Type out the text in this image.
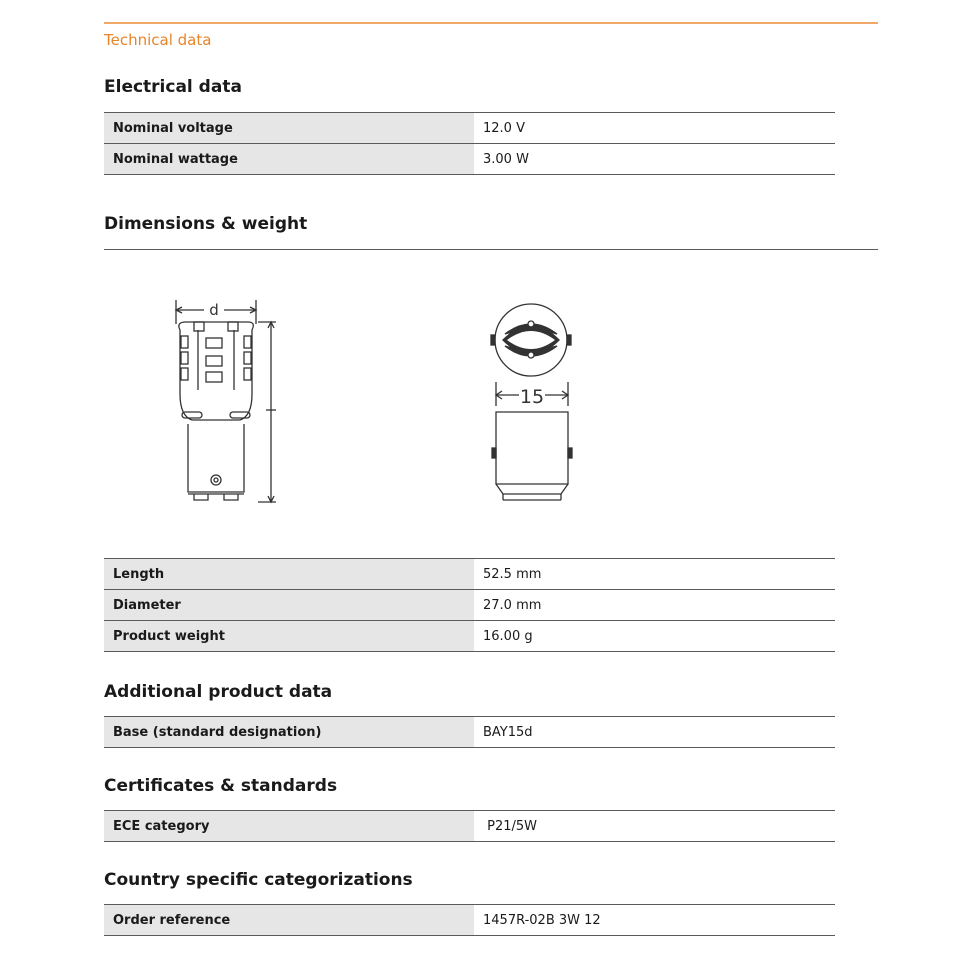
Technical data
Electrical data
Nominal voltage	12.0 V
Nominal wattage	3.00 W
Dimensions & weight
d
15
Length	52.5 mm
Diameter	27.0 mm
Product weight	16.00 g
Additional product data
Base (standard designation)	BAY15d
Certificates & standards
ECE category	P21/5W
Country specific categorizations
Order reference	1457R-02B 3W 12
